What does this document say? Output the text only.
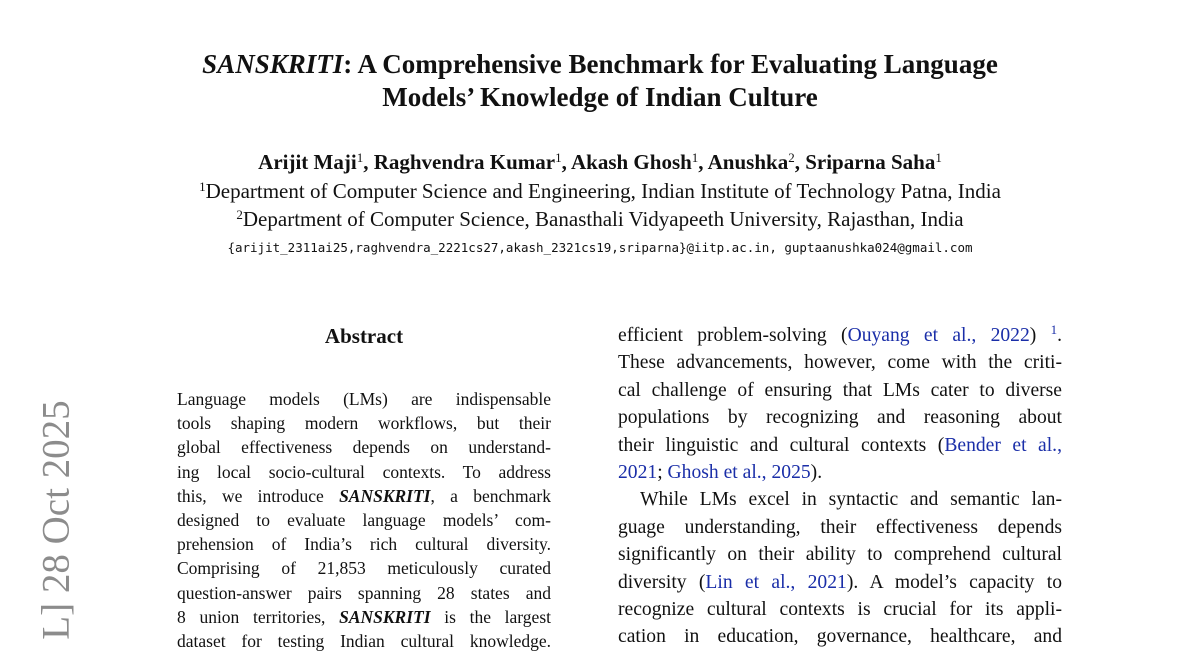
L] 28 Oct 2025
SANSKRITI: A Comprehensive Benchmark for Evaluating Language
Models’ Knowledge of Indian Culture
Arijit Maji$^1$, Raghvendra Kumar$^1$, Akash Ghosh$^1$, Anushka$^2$, Sriparna Saha$^1$
$^1$Department of Computer Science and Engineering, Indian Institute of Technology Patna, India
$^2$Department of Computer Science, Banasthali Vidyapeeth University, Rajasthan, India
{arijit_2311ai25,raghvendra_2221cs27,akash_2321cs19,sriparna}@iitp.ac.in, guptaanushka024@gmail.com
Abstract
Language models (LMs) are indispensable
tools shaping modern workflows, but their
global effectiveness depends on understand-
ing local socio-cultural contexts. To address
this, we introduce SANSKRITI, a benchmark
designed to evaluate language models’ com-
prehension of India’s rich cultural diversity.
Comprising of 21,853 meticulously curated
question-answer pairs spanning 28 states and
8 union territories, SANSKRITI is the largest
dataset for testing Indian cultural knowledge.
efficient problem-solving (Ouyang et al., 2022) $^1$.
These advancements, however, come with the criti-
cal challenge of ensuring that LMs cater to diverse
populations by recognizing and reasoning about
their linguistic and cultural contexts (Bender et al.,
2021; Ghosh et al., 2025).
While LMs excel in syntactic and semantic lan-
guage understanding, their effectiveness depends
significantly on their ability to comprehend cultural
diversity (Lin et al., 2021). A model’s capacity to
recognize cultural contexts is crucial for its appli-
cation in education, governance, healthcare, and
